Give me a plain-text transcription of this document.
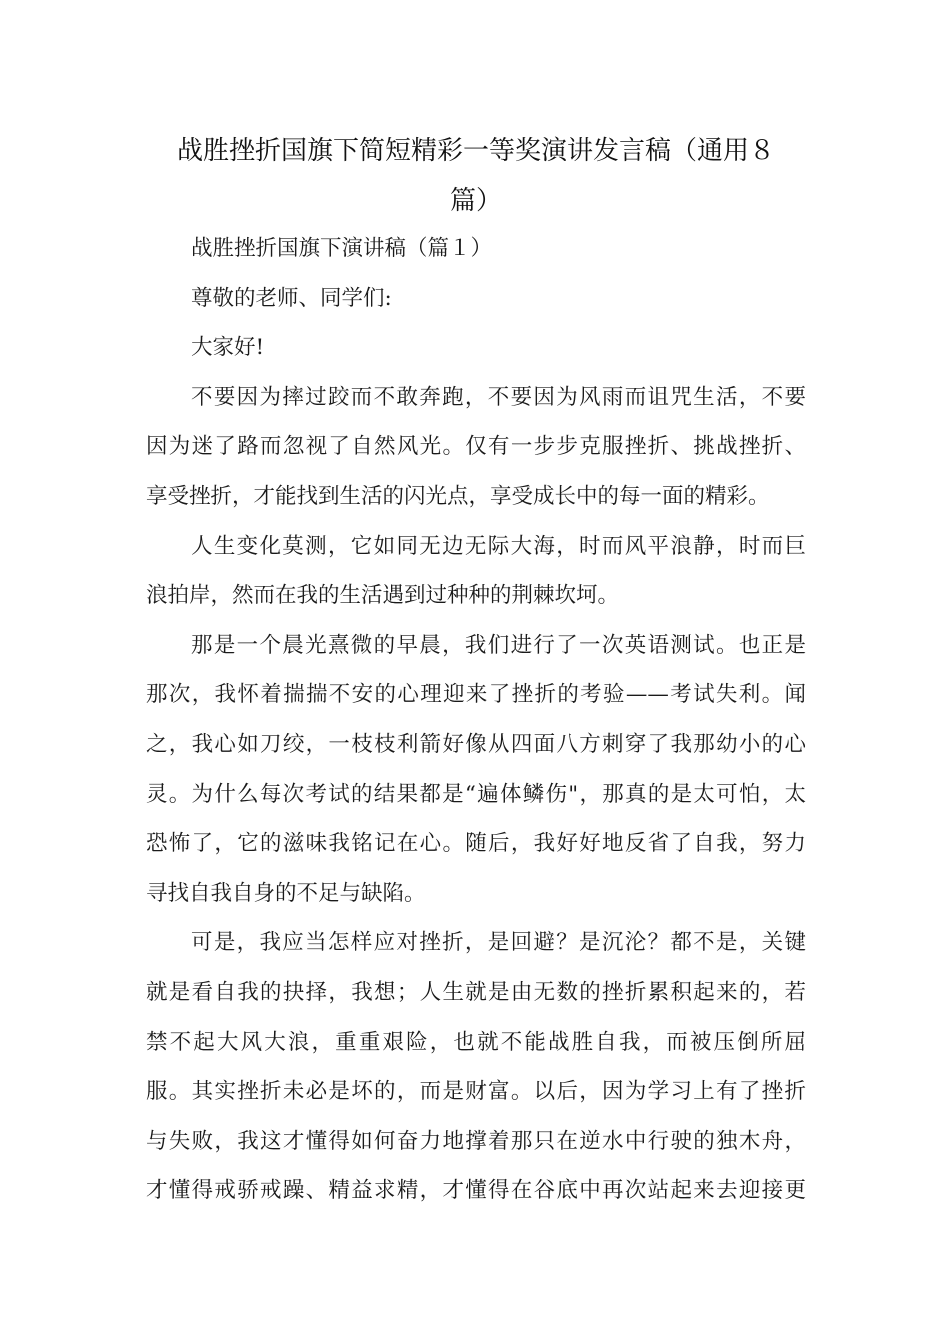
战胜挫折国旗下简短精彩一等奖演讲发言稿（通用８
篇）

战胜挫折国旗下演讲稿（篇１）

尊敬的老师、同学们:

大家好!

不要因为摔过跤而不敢奔跑，不要因为风雨而诅咒生活，不要

因为迷了路而忽视了自然风光。仅有一步步克服挫折、挑战挫折、

享受挫折，才能找到生活的闪光点，享受成长中的每一面的精彩。

人生变化莫测，它如同无边无际大海，时而风平浪静，时而巨

浪拍岸，然而在我的生活遇到过种种的荆棘坎坷。

那是一个晨光熹微的早晨，我们进行了一次英语测试。也正是

那次，我怀着揣揣不安的心理迎来了挫折的考验——考试失利。闻

之，我心如刀绞，一枝枝利箭好像从四面八方刺穿了我那幼小的心

灵。为什么每次考试的结果都是“遍体鳞伤"，那真的是太可怕，太

恐怖了，它的滋味我铭记在心。随后，我好好地反省了自我，努力

寻找自我自身的不足与缺陷。

可是，我应当怎样应对挫折，是回避？是沉沦？都不是，关键

就是看自我的抉择，我想；人生就是由无数的挫折累积起来的，若

禁不起大风大浪，重重艰险，也就不能战胜自我，而被压倒所屈

服。其实挫折未必是坏的，而是财富。以后，因为学习上有了挫折

与失败，我这才懂得如何奋力地撑着那只在逆水中行驶的独木舟，

才懂得戒骄戒躁、精益求精，才懂得在谷底中再次站起来去迎接更
